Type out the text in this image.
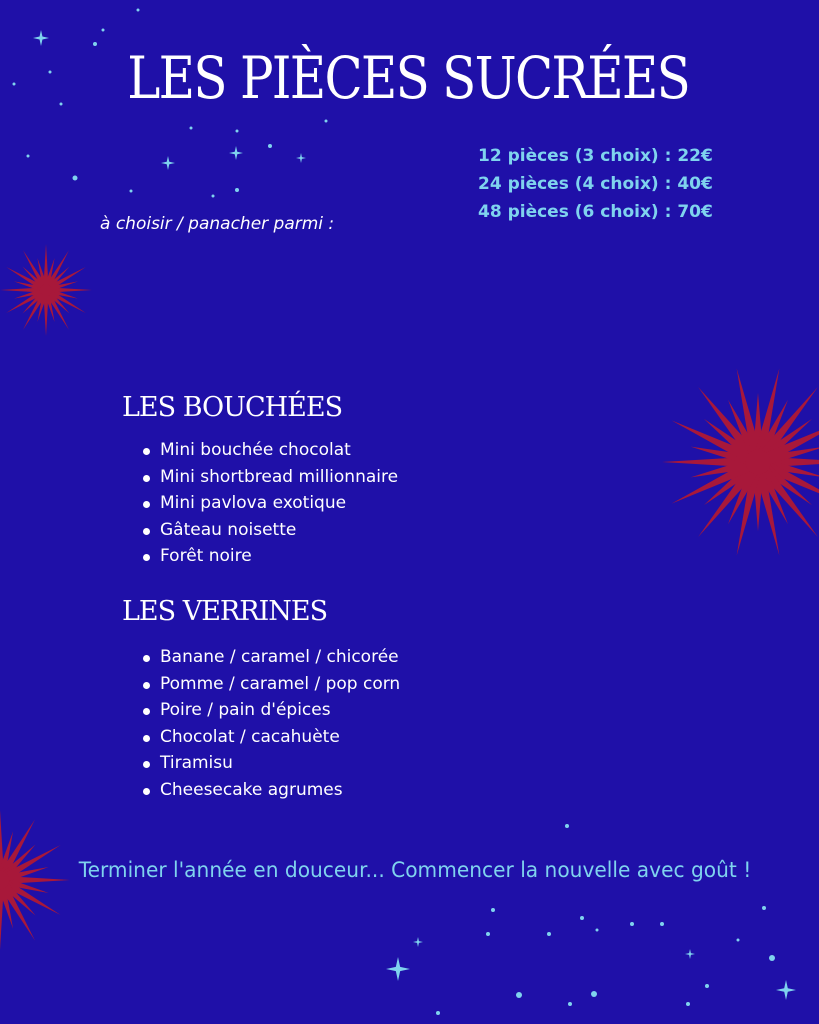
LES PIÈCES SUCRÉES
12 pièces (3 choix) : 22€
24 pièces (4 choix) : 40€
48 pièces (6 choix) : 70€
à choisir / panacher parmi :
LES BOUCHÉES
Mini bouchée chocolat
Mini shortbread millionnaire
Mini pavlova exotique
Gâteau noisette
Forêt noire
LES VERRINES
Banane / caramel / chicorée
Pomme / caramel / pop corn
Poire / pain d'épices
Chocolat / cacahuète
Tiramisu
Cheesecake agrumes
Terminer l'année en douceur... Commencer la nouvelle avec goût !
